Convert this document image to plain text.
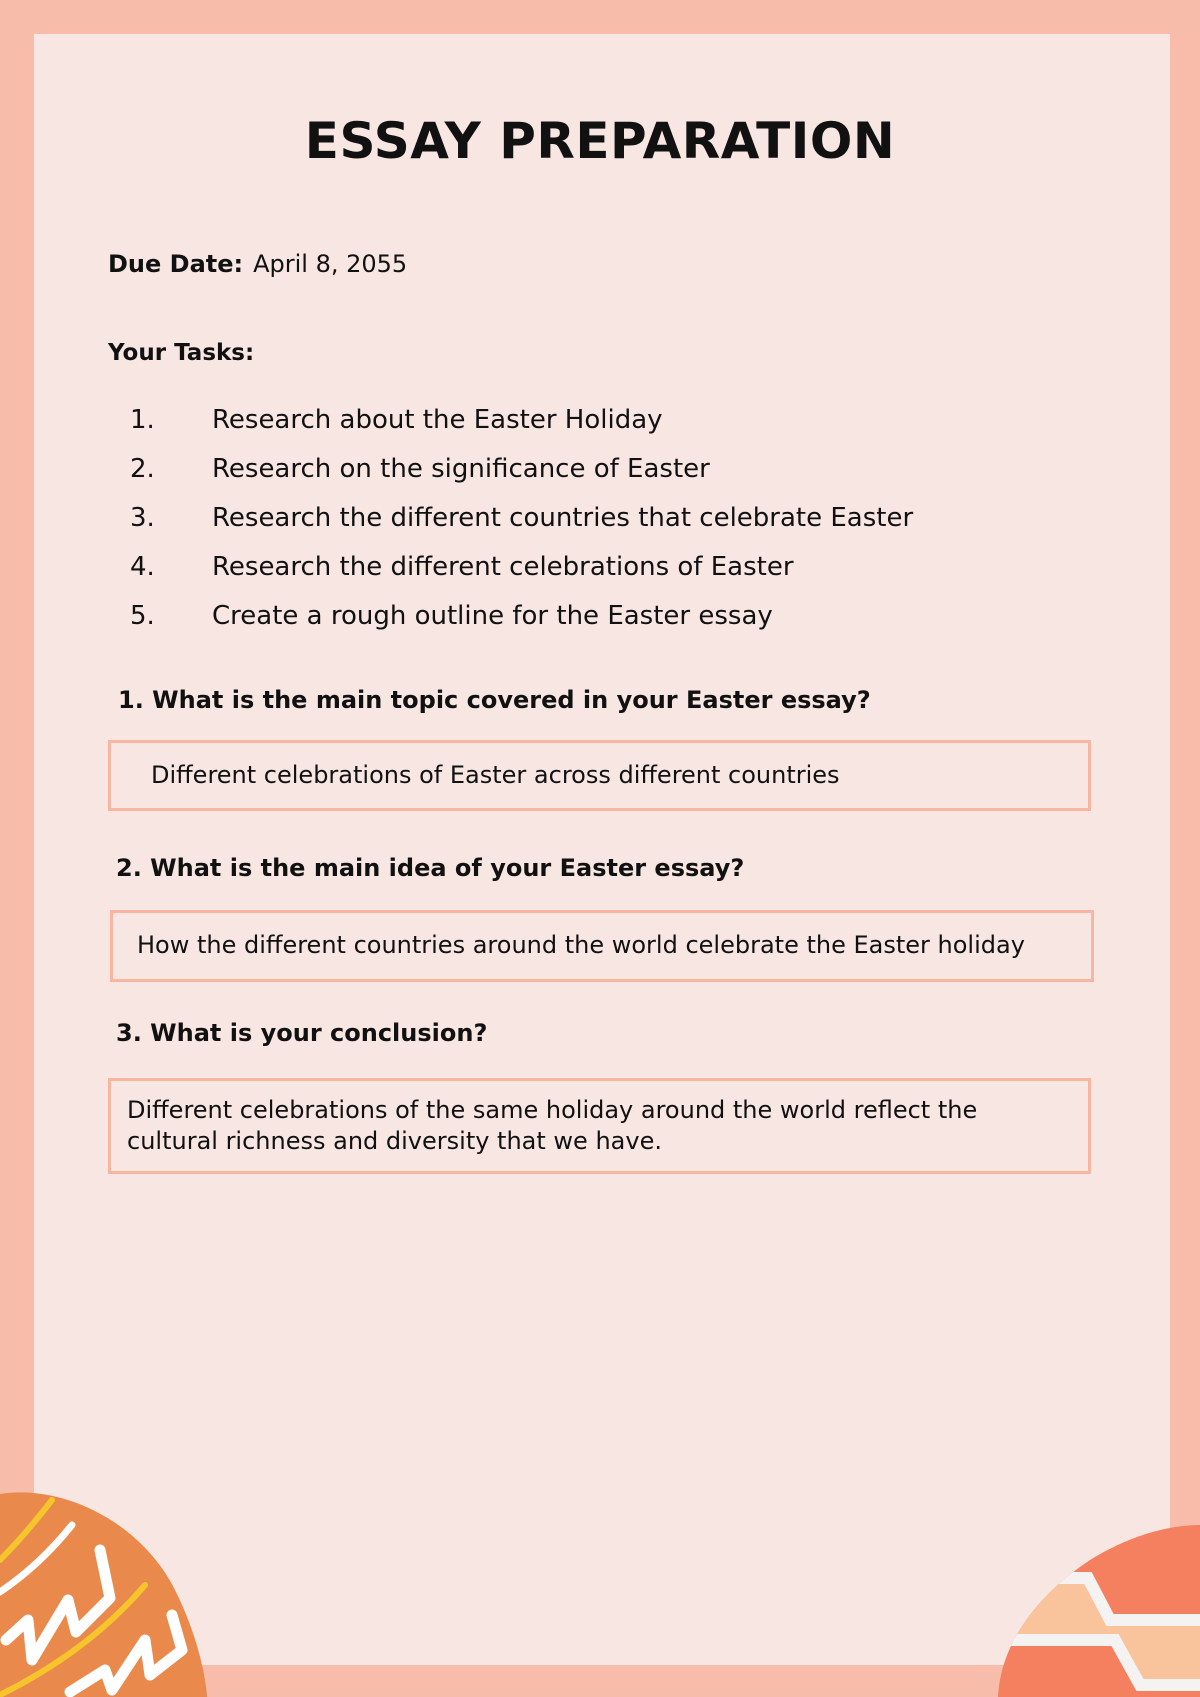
ESSAY PREPARATION
Due Date: April 8, 2055
Your Tasks:
1.	Research about the Easter Holiday
2.	Research on the significance of Easter
3.	Research the different countries that celebrate Easter
4.	Research the different celebrations of Easter
5.	Create a rough outline for the Easter essay
1. What is the main topic covered in your Easter essay?
Different celebrations of Easter across different countries
2. What is the main idea of your Easter essay?
How the different countries around the world celebrate the Easter holiday
3. What is your conclusion?
Different celebrations of the same holiday around the world reflect the cultural richness and diversity that we have.
